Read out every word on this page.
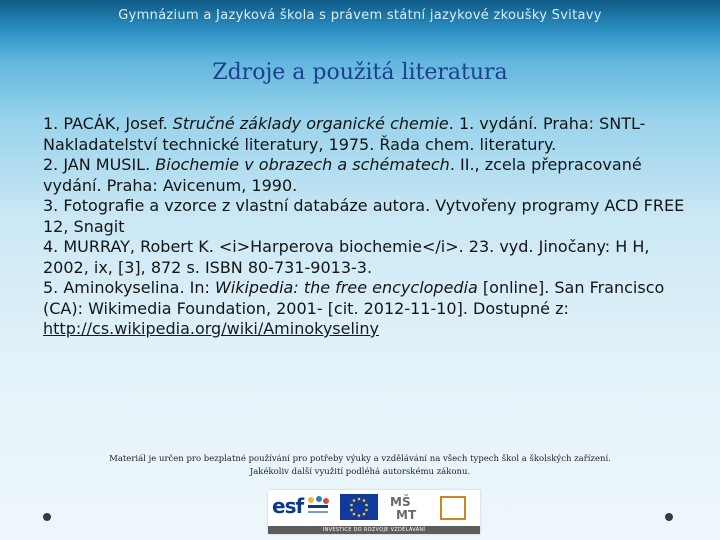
Gymnázium a Jazyková škola s právem státní jazykové zkoušky Svitavy
Zdroje a použitá literatura

1. PACÁK, Josef. Stručné základy organické chemie. 1. vydání. Praha: SNTL-Nakladatelství technické literatury, 1975. Řada chem. literatury.

2. JAN MUSIL. Biochemie v obrazech a schématech. II., zcela přepracované vydání. Praha: Avicenum, 1990.

3. Fotografie a vzorce z vlastní databáze autora. Vytvořeny programy ACD FREE 12, Snagit

4. MURRAY, Robert K. <i>Harperova biochemie</i>. 23. vyd. Jinočany: H H, 2002, ix, [3], 872 s. ISBN 80-731-9013-3.

5. Aminokyselina. In: Wikipedia: the free encyclopedia [online]. San Francisco (CA): Wikimedia Foundation, 2001- [cit. 2012-11-10]. Dostupné z:
http://cs.wikipedia.org/wiki/Aminokyseliny

Materiál je určen pro bezplatné používání pro potřeby výuky a vzdělávání na všech typech škol a školských zařízení.
Jakékoliv další využití podléhá autorskému zákonu.
esf	MŠ
MT
INVESTICE DO ROZVOJE VZDĚLÁVÁNÍ
